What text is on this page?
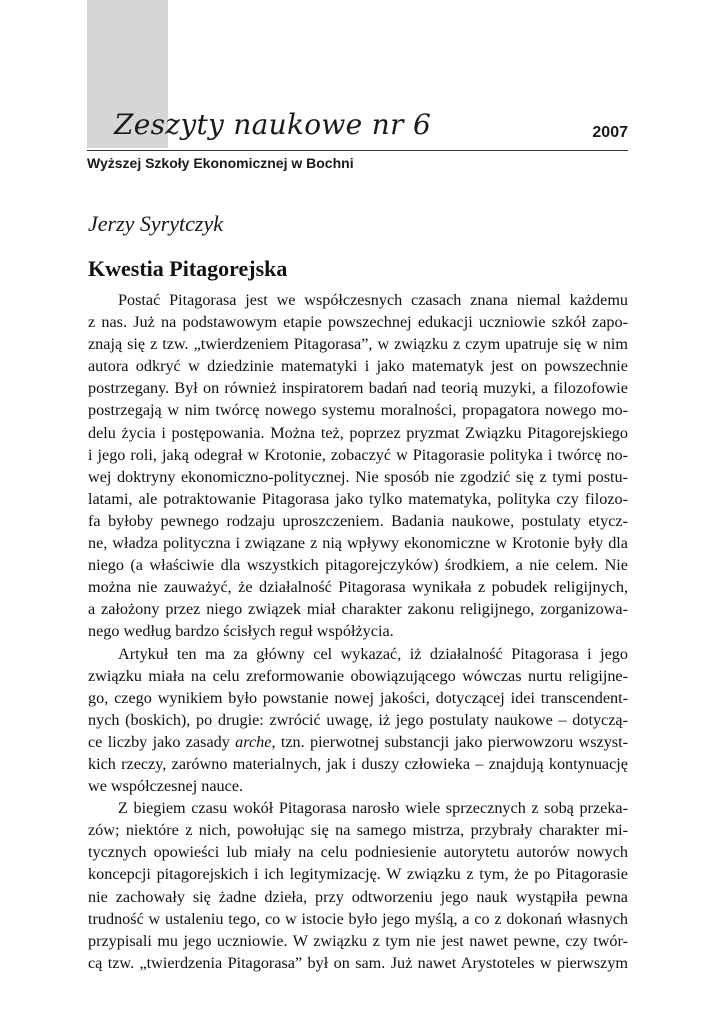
Zeszyty naukowe nr 6	2007
Wyższej Szkoły Ekonomicznej w Bochni
Jerzy Syrytczyk
Kwestia Pitagorejska
Postać Pitagorasa jest we współczesnych czasach znana niemal każdemu
z nas. Już na podstawowym etapie powszechnej edukacji uczniowie szkół zapo-
znają się z tzw. „twierdzeniem Pitagorasa”, w związku z czym upatruje się w nim
autora odkryć w dziedzinie matematyki i jako matematyk jest on powszechnie
postrzegany. Był on również inspiratorem badań nad teorią muzyki, a filozofowie
postrzegają w nim twórcę nowego systemu moralności, propagatora nowego mo-
delu życia i postępowania. Można też, poprzez pryzmat Związku Pitagorejskiego
i jego roli, jaką odegrał w Krotonie, zobaczyć w Pitagorasie polityka i twórcę no-
wej doktryny ekonomiczno-politycznej. Nie sposób nie zgodzić się z tymi postu-
latami, ale potraktowanie Pitagorasa jako tylko matematyka, polityka czy filozo-
fa byłoby pewnego rodzaju uproszczeniem. Badania naukowe, postulaty etycz-
ne, władza polityczna i związane z nią wpływy ekonomiczne w Krotonie były dla
niego (a właściwie dla wszystkich pitagorejczyków) środkiem, a nie celem. Nie
można nie zauważyć, że działalność Pitagorasa wynikała z pobudek religijnych,
a założony przez niego związek miał charakter zakonu religijnego, zorganizowa-
nego według bardzo ścisłych reguł współżycia.
Artykuł ten ma za główny cel wykazać, iż działalność Pitagorasa i jego
związku miała na celu zreformowanie obowiązującego wówczas nurtu religijne-
go, czego wynikiem było powstanie nowej jakości, dotyczącej idei transcendent-
nych (boskich), po drugie: zwrócić uwagę, iż jego postulaty naukowe – dotyczą-
ce liczby jako zasady arche, tzn. pierwotnej substancji jako pierwowzoru wszyst-
kich rzeczy, zarówno materialnych, jak i duszy człowieka – znajdują kontynuację
we współczesnej nauce.
Z biegiem czasu wokół Pitagorasa narosło wiele sprzecznych z sobą przeka-
zów; niektóre z nich, powołując się na samego mistrza, przybrały charakter mi-
tycznych opowieści lub miały na celu podniesienie autorytetu autorów nowych
koncepcji pitagorejskich i ich legitymizację. W związku z tym, że po Pitagorasie
nie zachowały się żadne dzieła, przy odtworzeniu jego nauk wystąpiła pewna
trudność w ustaleniu tego, co w istocie było jego myślą, a co z dokonań własnych
przypisali mu jego uczniowie. W związku z tym nie jest nawet pewne, czy twór-
cą tzw. „twierdzenia Pitagorasa” był on sam. Już nawet Arystoteles w pierwszym
